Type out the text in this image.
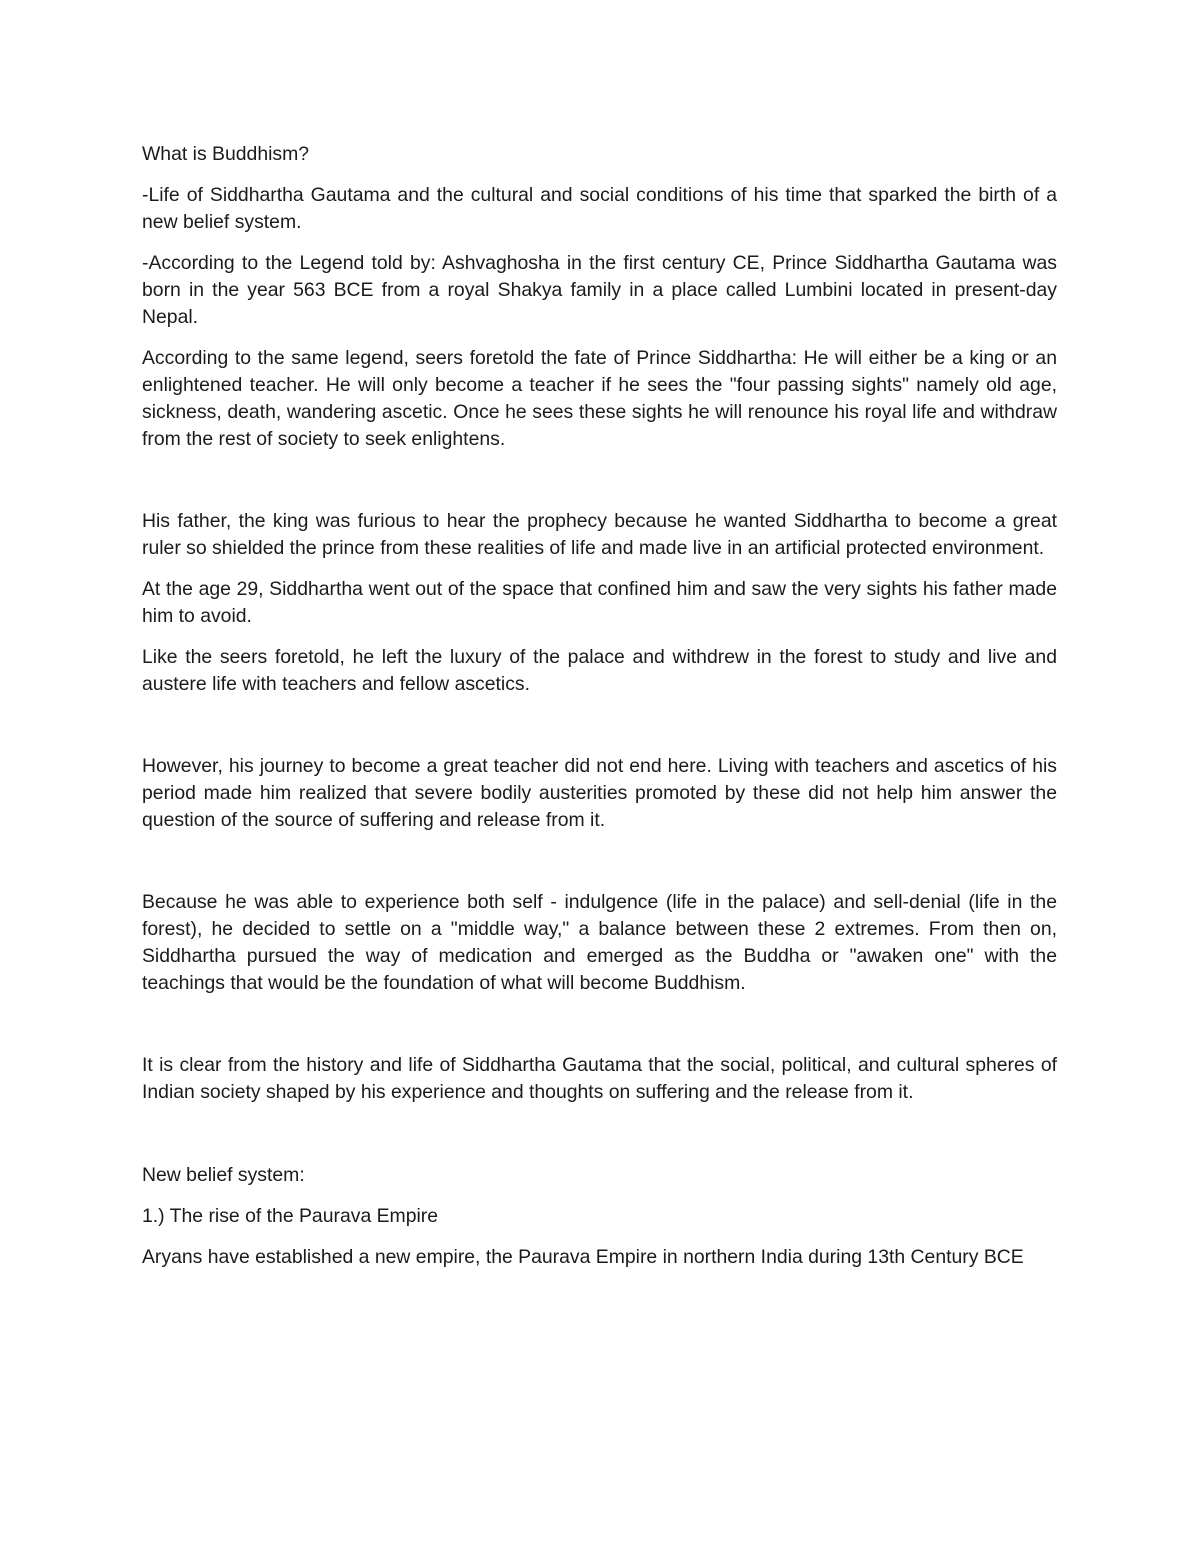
What is Buddhism?

-Life of Siddhartha Gautama and the cultural and social conditions of his time that sparked the birth of a new belief system.

-According to the Legend told by: Ashvaghosha in the first century CE, Prince Siddhartha Gautama was born in the year 563 BCE from a royal Shakya family in a place called Lumbini located in present-day Nepal.

According to the same legend, seers foretold the fate of Prince Siddhartha: He will either be a king or an enlightened teacher. He will only become a teacher if he sees the "four passing sights" namely old age, sickness, death, wandering ascetic. Once he sees these sights he will renounce his royal life and withdraw from the rest of society to seek enlightens.

His father, the king was furious to hear the prophecy because he wanted Siddhartha to become a great ruler so shielded the prince from these realities of life and made live in an artificial protected environment.

At the age 29, Siddhartha went out of the space that confined him and saw the very sights his father made him to avoid.

Like the seers foretold, he left the luxury of the palace and withdrew in the forest to study and live and austere life with teachers and fellow ascetics.

However, his journey to become a great teacher did not end here. Living with teachers and ascetics of his period made him realized that severe bodily austerities promoted by these did not help him answer the question of the source of suffering and release from it.

Because he was able to experience both self - indulgence (life in the palace) and sell-denial (life in the forest), he decided to settle on a "middle way," a balance between these 2 extremes. From then on, Siddhartha pursued the way of medication and emerged as the Buddha or "awaken one" with the teachings that would be the foundation of what will become Buddhism.

It is clear from the history and life of Siddhartha Gautama that the social, political, and cultural spheres of Indian society shaped by his experience and thoughts on suffering and the release from it.

New belief system:

1.) The rise of the Paurava Empire

Aryans have established a new empire, the Paurava Empire in northern India during 13th Century BCE
